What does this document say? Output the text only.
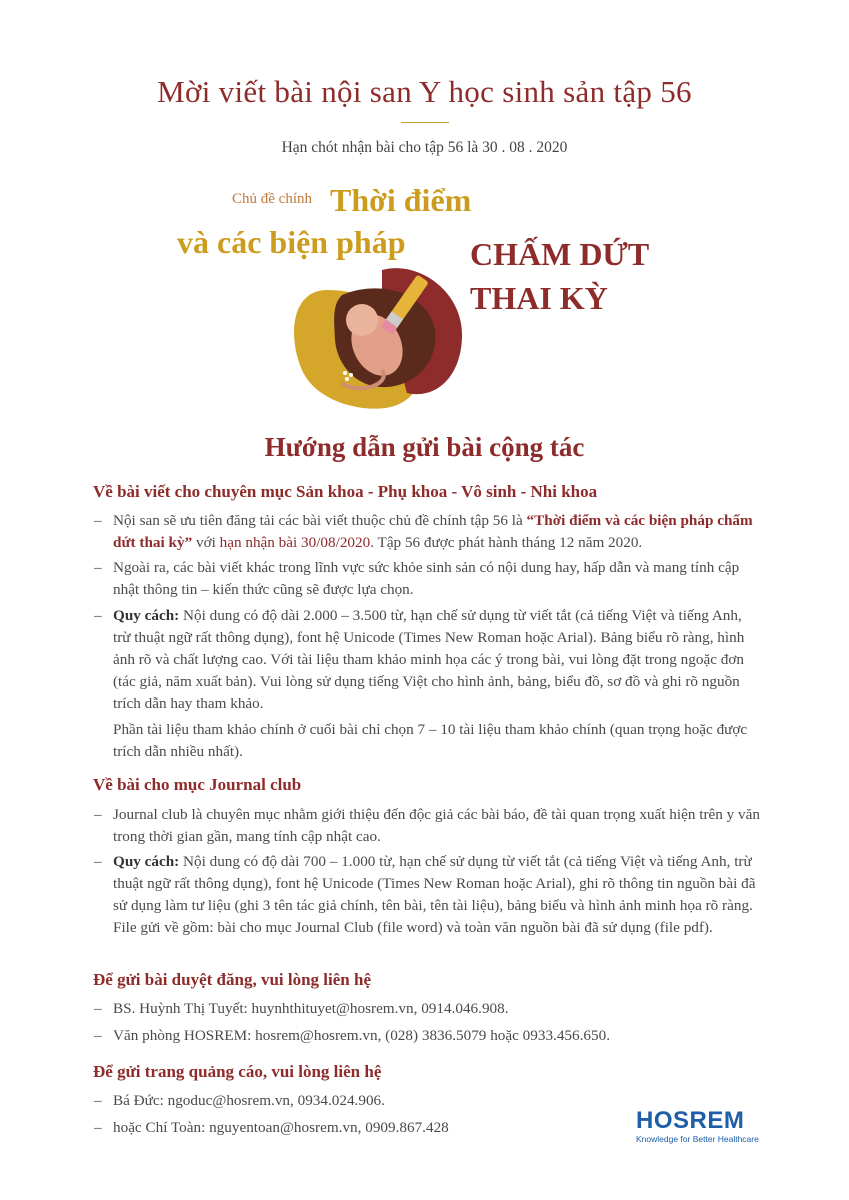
Mời viết bài nội san Y học sinh sản tập 56
Hạn chót nhận bài cho tập 56 là 30 . 08 . 2020
Chủ đề chính Thời điểm
và các biện pháp CHẤM DỨT
THAI KỲ
Hướng dẫn gửi bài cộng tác
Về bài viết cho chuyên mục Sản khoa - Phụ khoa - Vô sinh - Nhi khoa

– Nội san sẽ ưu tiên đăng tải các bài viết thuộc chủ đề chính tập 56 là “Thời điểm và các biện pháp chấm dứt thai kỳ” với hạn nhận bài 30/08/2020. Tập 56 được phát hành tháng 12 năm 2020.

– Ngoài ra, các bài viết khác trong lĩnh vực sức khỏe sinh sản có nội dung hay, hấp dẫn và mang tính cập nhật thông tin – kiến thức cũng sẽ được lựa chọn.

– Quy cách: Nội dung có độ dài 2.000 – 3.500 từ, hạn chế sử dụng từ viết tắt (cả tiếng Việt và tiếng Anh, trừ thuật ngữ rất thông dụng), font hệ Unicode (Times New Roman hoặc Arial). Bảng biểu rõ ràng, hình ảnh rõ và chất lượng cao. Với tài liệu tham khảo minh họa các ý trong bài, vui lòng đặt trong ngoặc đơn (tác giả, năm xuất bản). Vui lòng sử dụng tiếng Việt cho hình ảnh, bảng, biểu đồ, sơ đồ và ghi rõ nguồn trích dẫn hay tham khảo.

Phần tài liệu tham khảo chính ở cuối bài chỉ chọn 7 – 10 tài liệu tham khảo chính (quan trọng hoặc được trích dẫn nhiều nhất).

Về bài cho mục Journal club

– Journal club là chuyên mục nhằm giới thiệu đến độc giả các bài báo, đề tài quan trọng xuất hiện trên y văn trong thời gian gần, mang tính cập nhật cao.

– Quy cách: Nội dung có độ dài 700 – 1.000 từ, hạn chế sử dụng từ viết tắt (cả tiếng Việt và tiếng Anh, trừ thuật ngữ rất thông dụng), font hệ Unicode (Times New Roman hoặc Arial), ghi rõ thông tin nguồn bài đã sử dụng làm tư liệu (ghi 3 tên tác giả chính, tên bài, tên tài liệu), bảng biểu và hình ảnh minh họa rõ ràng. File gửi về gồm: bài cho mục Journal Club (file word) và toàn văn nguồn bài đã sử dụng (file pdf).

Để gửi bài duyệt đăng, vui lòng liên hệ

– BS. Huỳnh Thị Tuyết: huynhthituyet@hosrem.vn, 0914.046.908.

– Văn phòng HOSREM: hosrem@hosrem.vn, (028) 3836.5079 hoặc 0933.456.650.

Để gửi trang quảng cáo, vui lòng liên hệ

– Bá Đức: ngoduc@hosrem.vn, 0934.024.906.

– hoặc Chí Toàn: nguyentoan@hosrem.vn, 0909.867.428	HOSREM
Knowledge for Better Healthcare
